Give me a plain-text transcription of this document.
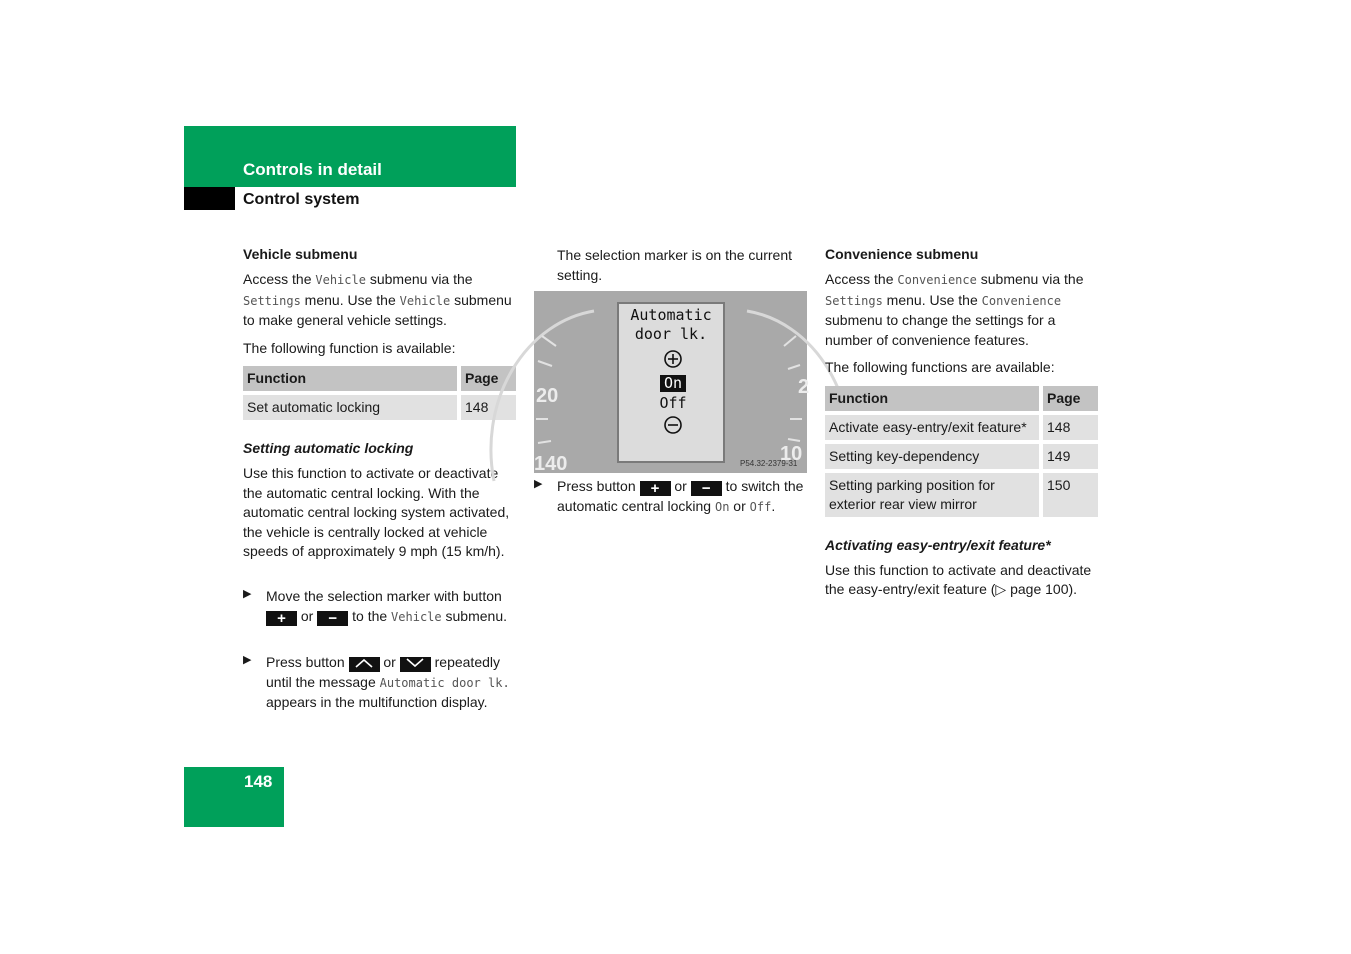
Controls in detail
Control system
Vehicle submenu

Access the Vehicle submenu via the Settings menu. Use the Vehicle submenu to make general vehicle settings.

The following function is available:

Function	Page
Set automatic locking	148
Setting automatic locking

Use this function to activate or deactivate the automatic central locking. With the automatic central locking system activated, the vehicle is centrally locked at vehicle speeds of approximately 9 mph (15 km/h).

▶ Move the selection marker with button + or − to the Vehicle submenu.

▶ Press button  or  repeatedly until the message Automatic door lk. appears in the multifunction display.

The selection marker is on the current setting.

20
140
2
10
P54.32-2379-31
Automatic
door lk.
On
Off
▶ Press button + or − to switch the automatic central locking On or Off.

Convenience submenu

Access the Convenience submenu via the Settings menu. Use the Convenience submenu to change the settings for a number of convenience features.

The following functions are available:

Function	Page
Activate easy-entry/exit feature*	148
Setting key-dependency	149
Setting parking position for exterior rear view mirror	150
Activating easy-entry/exit feature*

Use this function to activate and deactivate the easy-entry/exit feature (▷ page 100).

148
